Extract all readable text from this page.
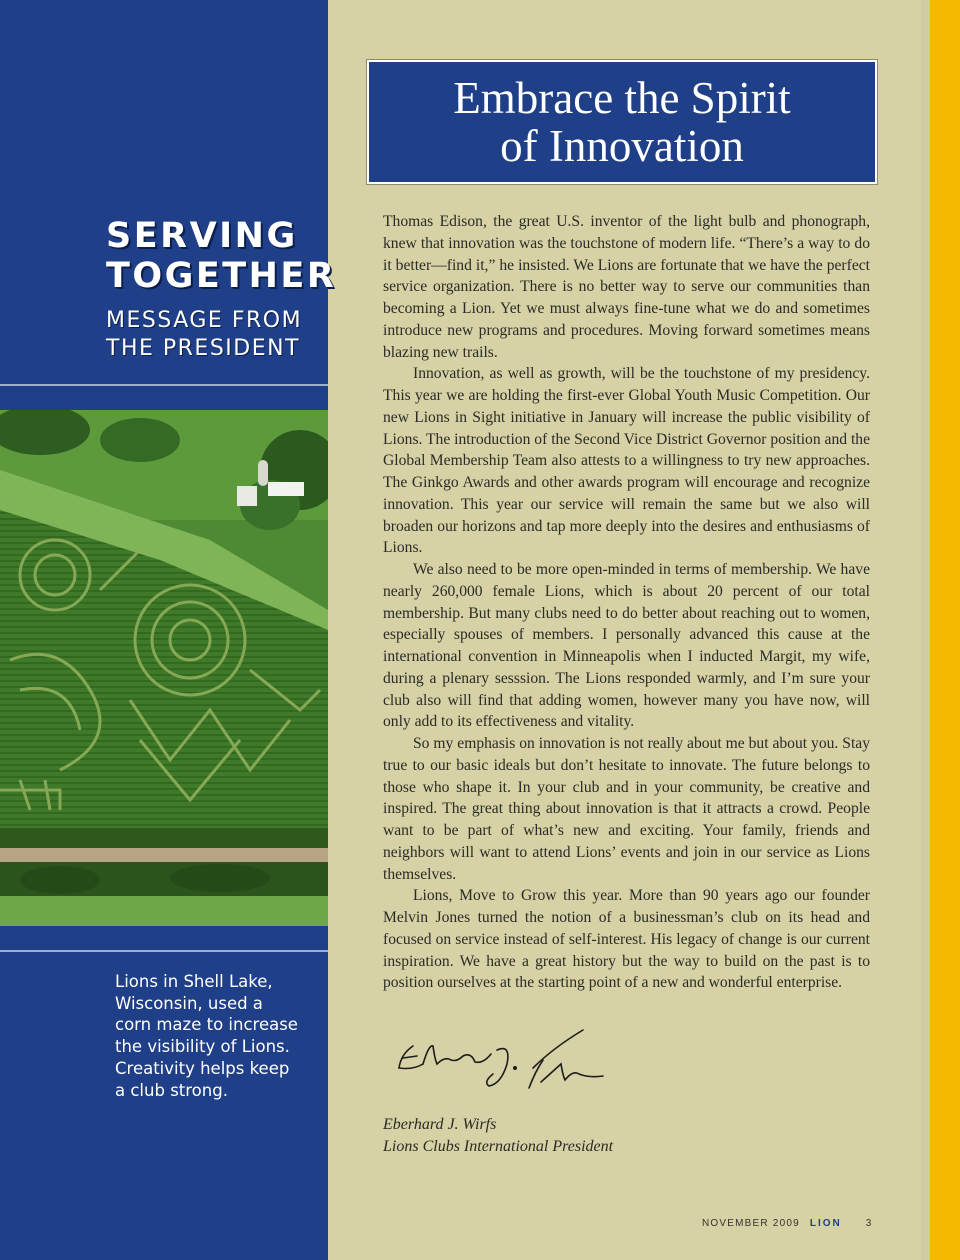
SERVING
TOGETHER
MESSAGE FROM
THE PRESIDENT
Lions in Shell Lake,
Wisconsin, used a
corn maze to increase
the visibility of Lions.
Creativity helps keep
a club strong.
Embrace the Spirit
of Innovation

Thomas Edison, the great U.S. inventor of the light bulb and phonograph, knew that innovation was the touchstone of modern life. “There’s a way to do it better—find it,” he insisted. We Lions are fortunate that we have the perfect service organization. There is no better way to serve our communities than becoming a Lion. Yet we must always fine-tune what we do and sometimes introduce new programs and procedures. Moving forward sometimes means blazing new trails.

Innovation, as well as growth, will be the touchstone of my presidency. This year we are holding the first-ever Global Youth Music Competition. Our new Lions in Sight initiative in January will increase the public visibility of Lions. The introduction of the Second Vice District Governor position and the Global Membership Team also attests to a willingness to try new approaches. The Ginkgo Awards and other awards program will encourage and recognize innovation. This year our service will remain the same but we also will broaden our horizons and tap more deeply into the desires and enthusiasms of Lions.

We also need to be more open-minded in terms of membership. We have nearly 260,000 female Lions, which is about 20 percent of our total membership. But many clubs need to do better about reaching out to women, especially spouses of members. I personally advanced this cause at the international convention in Minneapolis when I inducted Margit, my wife, during a plenary sesssion. The Lions responded warmly, and I’m sure your club also will find that adding women, however many you have now, will only add to its effectiveness and vitality.

So my emphasis on innovation is not really about me but about you. Stay true to our basic ideals but don’t hesitate to innovate. The future belongs to those who shape it. In your club and in your community, be creative and inspired. The great thing about innovation is that it attracts a crowd. People want to be part of what’s new and exciting. Your family, friends and neighbors will want to attend Lions’ events and join in our service as Lions themselves.

Lions, Move to Grow this year. More than 90 years ago our founder Melvin Jones turned the notion of a businessman’s club on its head and focused on service instead of self-interest. His legacy of change is our current inspiration. We have a great history but the way to build on the past is to position ourselves at the starting point of a new and wonderful enterprise.

Eberhard J. Wirfs
Lions Clubs International President
NOVEMBER 2009 LION 3
